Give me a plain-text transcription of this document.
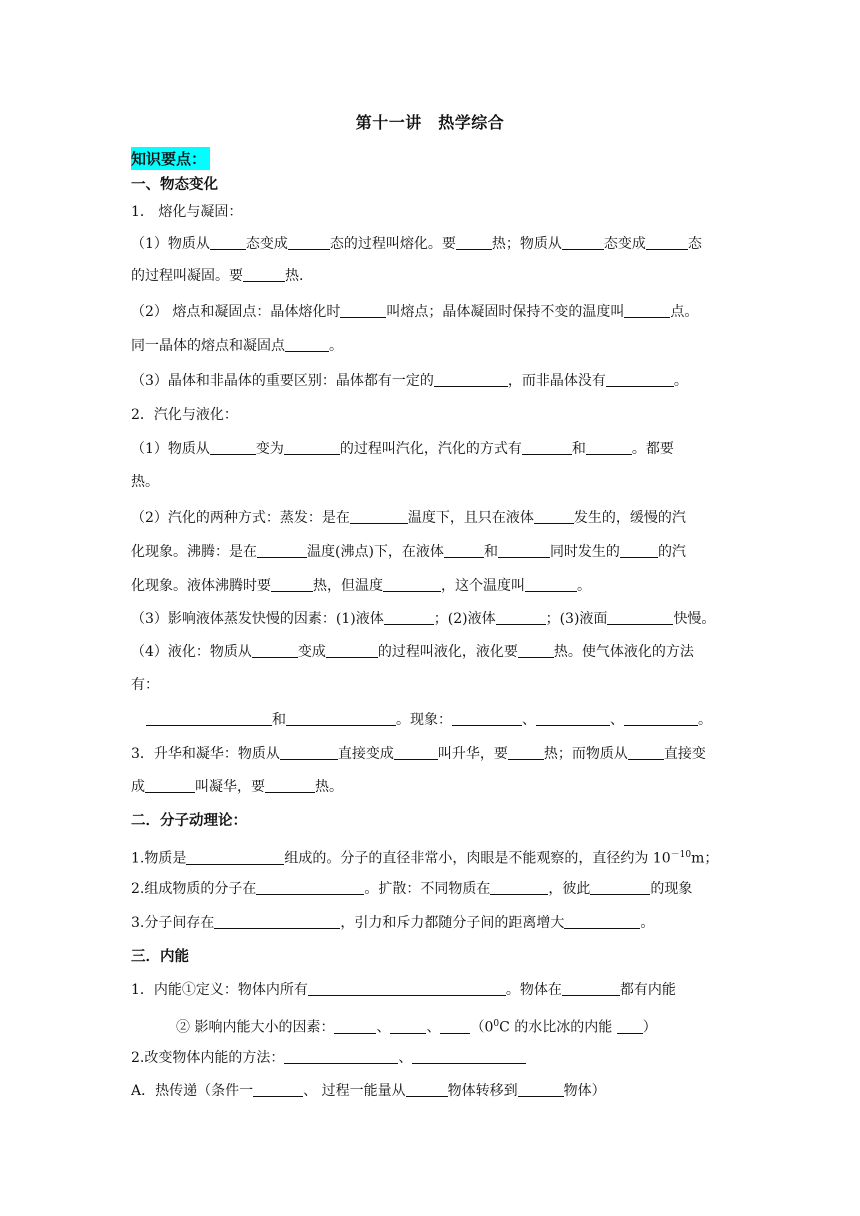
第十一讲　热学综合
知识要点：
一、物态变化
1． 熔化与凝固：
（1）物质从	态变成	态的过程叫熔化。要	热；物质从	态变成	态
的过程叫凝固。要	热.
（2） 熔点和凝固点：晶体熔化时	叫熔点；晶体凝固时保持不变的温度叫	点。
同一晶体的熔点和凝固点	。
（3）晶体和非晶体的重要区别：晶体都有一定的	，而非晶体没有	。
2．汽化与液化：
（1）物质从	变为	的过程叫汽化，汽化的方式有	和	。都要
热。
（2）汽化的两种方式：蒸发：是在	温度下，且只在液体	发生的，缓慢的汽
化现象。沸腾：是在	温度(沸点)下，在液体	和	同时发生的	的汽
化现象。液体沸腾时要	热，但温度	，这个温度叫	。
（3）影响液体蒸发快慢的因素：(1)液体	；(2)液体	；(3)液面	快慢。
（4）液化：物质从	变成	的过程叫液化，液化要	热。使气体液化的方法
有：
和	。现象：	、	、	。
3．升华和凝华：物质从	直接变成	叫升华，要	热；而物质从	直接变
成	叫凝华，要	热。
二．分子动理论：
1.物质是	组成的。分子的直径非常小，肉眼是不能观察的，直径约为 $10^{-10}m$；
2.组成物质的分子在	。扩散：不同物质在	，彼此	的现象
3.分子间存在	，引力和斥力都随分子间的距离增大	。
三．内能
1．内能①定义：物体内所有	。物体在	都有内能
② 影响内能大小的因素：	、	、 （$0^0C$ 的水比冰的内能 ）
2.改变物体内能的方法：	、
A．热传递（条件一	、 过程一能量从	物体转移到	物体）
